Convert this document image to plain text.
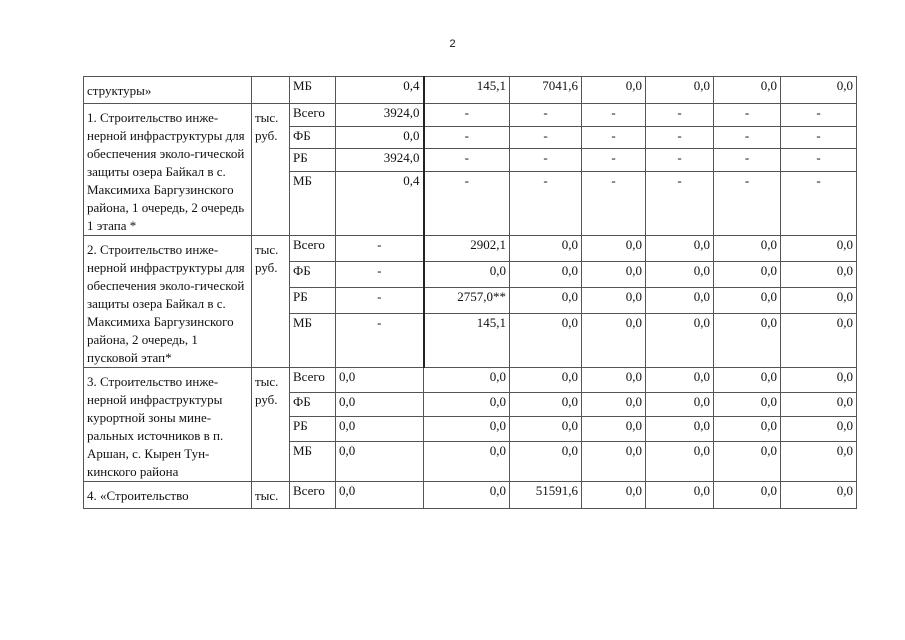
2
структуры»		МБ	0,4	145,1	7041,6	0,0	0,0	0,0	0,0
1. Строительство инже-нерной инфраструктуры для обеспечения эколо-гической защиты озера Байкал в с. Максимиха Баргузинского района, 1 очередь, 2 очередь 1 этапа *	тыс. руб.	Всего	3924,0	-	-	-	-	-	-
		ФБ	0,0	-	-	-	-	-	-
		РБ	3924,0	-	-	-	-	-	-
		МБ	0,4	-	-	-	-	-	-
2. Строительство инже-нерной инфраструктуры для обеспечения эколо-гической защиты озера Байкал в с. Максимиха Баргузинского района, 2 очередь, 1 пусковой этап*	тыс. руб.	Всего	-	2902,1	0,0	0,0	0,0	0,0	0,0
		ФБ	-	0,0	0,0	0,0	0,0	0,0	0,0
		РБ	-	2757,0**	0,0	0,0	0,0	0,0	0,0
		МБ	-	145,1	0,0	0,0	0,0	0,0	0,0
3. Строительство инже-нерной инфраструктуры курортной зоны мине-ральных источников в п. Аршан, с. Кырен Тун-кинского района	тыс. руб.	Всего	0,0	0,0	0,0	0,0	0,0	0,0	0,0
		ФБ	0,0	0,0	0,0	0,0	0,0	0,0	0,0
		РБ	0,0	0,0	0,0	0,0	0,0	0,0	0,0
		МБ	0,0	0,0	0,0	0,0	0,0	0,0	0,0
4. «Строительство	тыс.	Всего	0,0	0,0	51591,6	0,0	0,0	0,0	0,0
